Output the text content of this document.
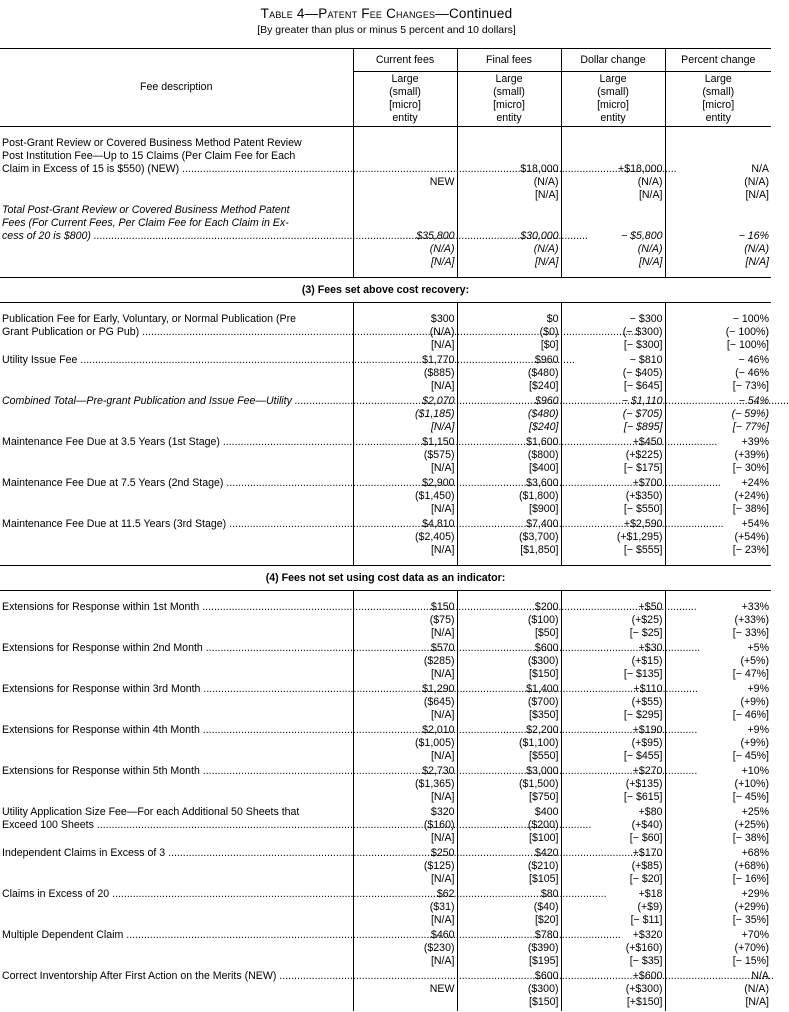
Table 4—Patent Fee Changes—Continued
[By greater than plus or minus 5 percent and 10 dollars]
Fee description	Current fees	Final fees	Dollar change	Percent change

	Large
(small)
[micro]
entity	Large
(small)
[micro]
entity	Large
(small)
[micro]
entity	Large
(small)
[micro]
entity

Post-Grant Review or Covered Business Method Patent Review
Post Institution Fee—Up to 15 Claims (Per Claim Fee for Each
Claim in Excess of 15 is $550) (NEW) .....	NEW	$18,000
(N/A)
[N/A]	+$18,000
(N/A)
[N/A]	N/A
(N/A)
[N/A]

Total Post-Grant Review or Covered Business Method Patent
Fees (For Current Fees, Per Claim Fee for Each Claim in Ex-
cess of 20 is $800) .....	$35,800
(N/A)
[N/A]	$30,000
(N/A)
[N/A]	− $5,800
(N/A)
[N/A]	− 16%
(N/A)
[N/A]

(3) Fees set above cost recovery:				

Publication Fee for Early, Voluntary, or Normal Publication (Pre
Grant Publication or PG Pub) .....	$300
(N/A)
[N/A]	$0
($0)
[$0]	− $300
(− $300)
[− $300]	− 100%
(− 100%)
[− 100%]

Utility Issue Fee .....	$1,770
($885)
[N/A]	$960
($480)
[$240]	− $810
(− $405)
[− $645]	− 46%
(− 46%
[− 73%]

Combined Total—Pre-grant Publication and Issue Fee—Utility .....	$2,070
($1,185)
[N/A]	$960
($480)
[$240]	− $1,110
(− $705)
[− $895]	− 54%
(− 59%)
[− 77%]

Maintenance Fee Due at 3.5 Years (1st Stage) .....	$1,150
($575)
[N/A]	$1,600
($800)
[$400]	+$450
(+$225)
[− $175]	+39%
(+39%)
[− 30%]

Maintenance Fee Due at 7.5 Years (2nd Stage) .....	$2,900
($1,450)
[N/A]	$3,600
($1,800)
[$900]	+$700
(+$350)
[− $550]	+24%
(+24%)
[− 38%]

Maintenance Fee Due at 11.5 Years (3rd Stage) .....	$4,810
($2,405)
[N/A]	$7,400
($3,700)
[$1,850]	+$2,590
(+$1,295)
[− $555]	+54%
(+54%)
[− 23%]

(4) Fees not set using cost data as an indicator:				

Extensions for Response within 1st Month .....	$150
($75)
[N/A]	$200
($100)
[$50]	+$50
(+$25)
[− $25]	+33%
(+33%)
[− 33%]

Extensions for Response within 2nd Month .....	$570
($285)
[N/A]	$600
($300)
[$150]	+$30
(+$15)
[− $135]	+5%
(+5%)
[− 47%]

Extensions for Response within 3rd Month .....	$1,290
($645)
[N/A]	$1,400
($700)
[$350]	+$110
(+$55)
[− $295]	+9%
(+9%)
[− 46%]

Extensions for Response within 4th Month .....	$2,010
($1,005)
[N/A]	$2,200
($1,100)
[$550]	+$190
(+$95)
[− $455]	+9%
(+9%)
[− 45%]

Extensions for Response within 5th Month .....	$2,730
($1,365)
[N/A]	$3,000
($1,500)
[$750]	+$270
(+$135)
[− $615]	+10%
(+10%)
[− 45%]

Utility Application Size Fee—For each Additional 50 Sheets that
Exceed 100 Sheets .....	$320
($160)
[N/A]	$400
($200)
[$100]	+$80
(+$40)
[− $60]	+25%
(+25%)
[− 38%]

Independent Claims in Excess of 3 .....	$250
($125)
[N/A]	$420
($210)
[$105]	+$170
(+$85)
[− $20]	+68%
(+68%)
[− 16%]

Claims in Excess of 20 .....	$62
($31)
[N/A]	$80
($40)
[$20]	+$18
(+$9)
[− $11]	+29%
(+29%)
[− 35%]

Multiple Dependent Claim .....	$460
($230)
[N/A]	$780
($390)
[$195]	+$320
(+$160)
[− $35]	+70%
(+70%)
[− 15%]

Correct Inventorship After First Action on the Merits (NEW) .....	NEW	$600
($300)
[$150]	+$600
(+$300)
[+$150]	N/A
(N/A)
[N/A]
